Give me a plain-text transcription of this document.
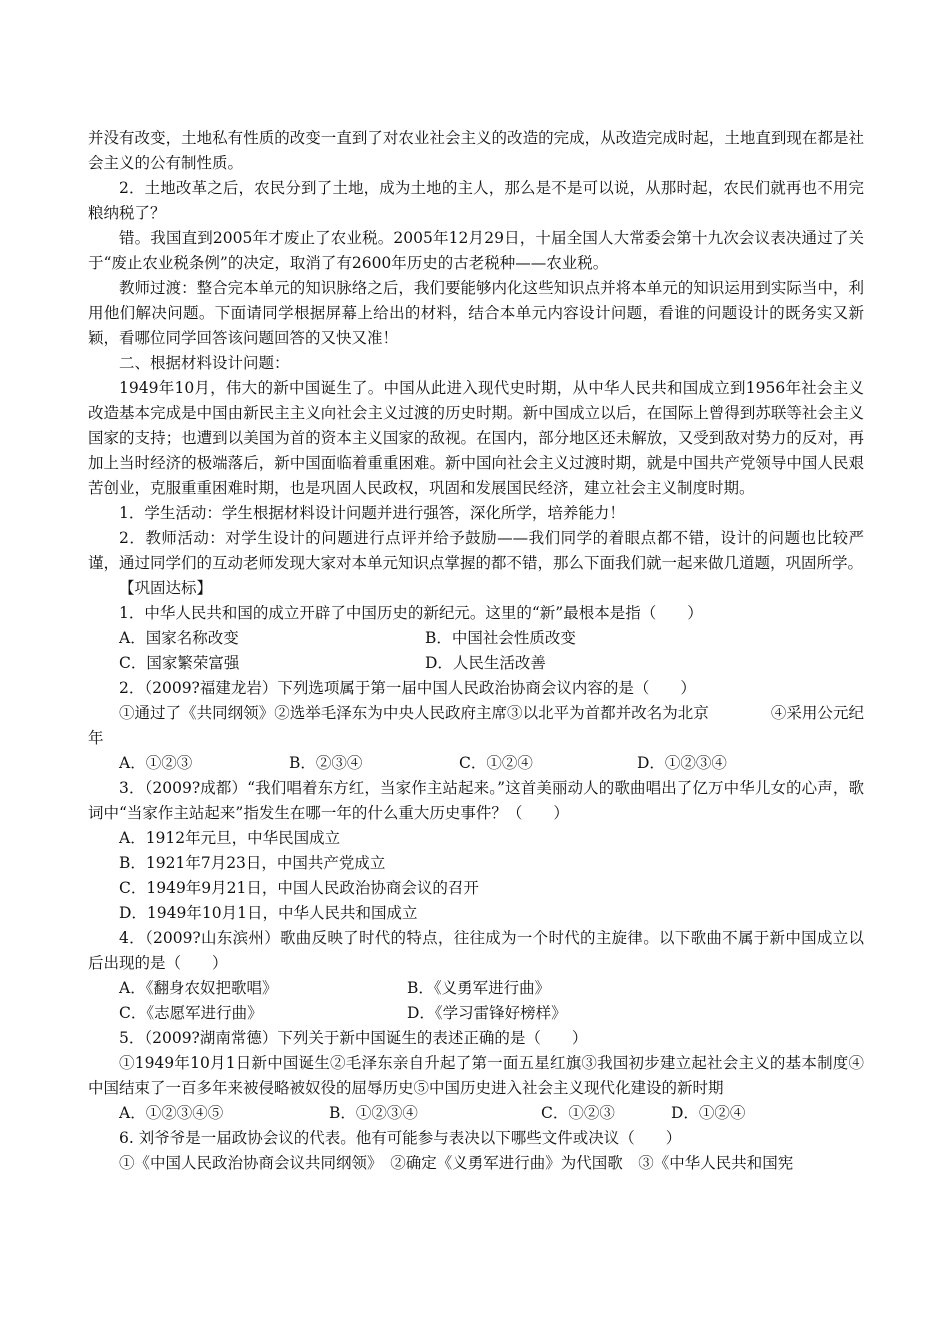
并没有改变，土地私有性质的改变一直到了对农业社会主义的改造的完成，从改造完成时起，土地直到现在都是社会主义的公有制性质。

2．土地改革之后，农民分到了土地，成为土地的主人，那么是不是可以说，从那时起，农民们就再也不用完粮纳税了？

错。我国直到2005年才废止了农业税。2005年12月29日，十届全国人大常委会第十九次会议表决通过了关于“废止农业税条例”的决定，取消了有2600年历史的古老税种——农业税。

教师过渡：整合完本单元的知识脉络之后，我们要能够内化这些知识点并将本单元的知识运用到实际当中，利用他们解决问题。下面请同学根据屏幕上给出的材料，结合本单元内容设计问题，看谁的问题设计的既务实又新颖，看哪位同学回答该问题回答的又快又准！

二、根据材料设计问题：

1949年10月，伟大的新中国诞生了。中国从此进入现代史时期，从中华人民共和国成立到1956年社会主义改造基本完成是中国由新民主主义向社会主义过渡的历史时期。新中国成立以后，在国际上曾得到苏联等社会主义国家的支持；也遭到以美国为首的资本主义国家的敌视。在国内，部分地区还未解放，又受到敌对势力的反对，再加上当时经济的极端落后，新中国面临着重重困难。新中国向社会主义过渡时期，就是中国共产党领导中国人民艰苦创业，克服重重困难时期，也是巩固人民政权，巩固和发展国民经济，建立社会主义制度时期。

1．学生活动：学生根据材料设计问题并进行强答，深化所学，培养能力！

2．教师活动：对学生设计的问题进行点评并给予鼓励——我们同学的着眼点都不错，设计的问题也比较严谨，通过同学们的互动老师发现大家对本单元知识点掌握的都不错，那么下面我们就一起来做几道题，巩固所学。

【巩固达标】

1．中华人民共和国的成立开辟了中国历史的新纪元。这里的“新”最根本是指（　　）

A．国家名称改变	B．中国社会性质改变
C．国家繁荣富强	D．人民生活改善

2．（2009?福建龙岩）下列选项属于第一届中国人民政治协商会议内容的是（　　）

①通过了《共同纲领》②选举毛泽东为中央人民政府主席③以北平为首都并改名为北京	④采用公元纪年

A．①②③	B．②③④	C．①②④	D．①②③④

3．（2009?成都）“我们唱着东方红，当家作主站起来。”这首美丽动人的歌曲唱出了亿万中华儿女的心声，歌词中“当家作主站起来”指发生在哪一年的什么重大历史事件？（　　）

A．1912年元旦，中华民国成立

B．1921年7月23日，中国共产党成立

C．1949年9月21日，中国人民政治协商会议的召开

D．1949年10月1日，中华人民共和国成立

4．（2009?山东滨州）歌曲反映了时代的特点，往往成为一个时代的主旋律。以下歌曲不属于新中国成立以后出现的是（　　）

A．《翻身农奴把歌唱》	B．《义勇军进行曲》
C．《志愿军进行曲》	D．《学习雷锋好榜样》

5．（2009?湖南常德）下列关于新中国诞生的表述正确的是（　　）

①1949年10月1日新中国诞生②毛泽东亲自升起了第一面五星红旗③我国初步建立起社会主义的基本制度④中国结束了一百多年来被侵略被奴役的屈辱历史⑤中国历史进入社会主义现代化建设的新时期

A．①②③④⑤	B．①②③④	C．①②③	D．①②④

6. 刘爷爷是一届政协会议的代表。他有可能参与表决以下哪些文件或决议（　　）

①《中国人民政治协商会议共同纲领》　②确定《义勇军进行曲》为代国歌　③《中华人民共和国宪
